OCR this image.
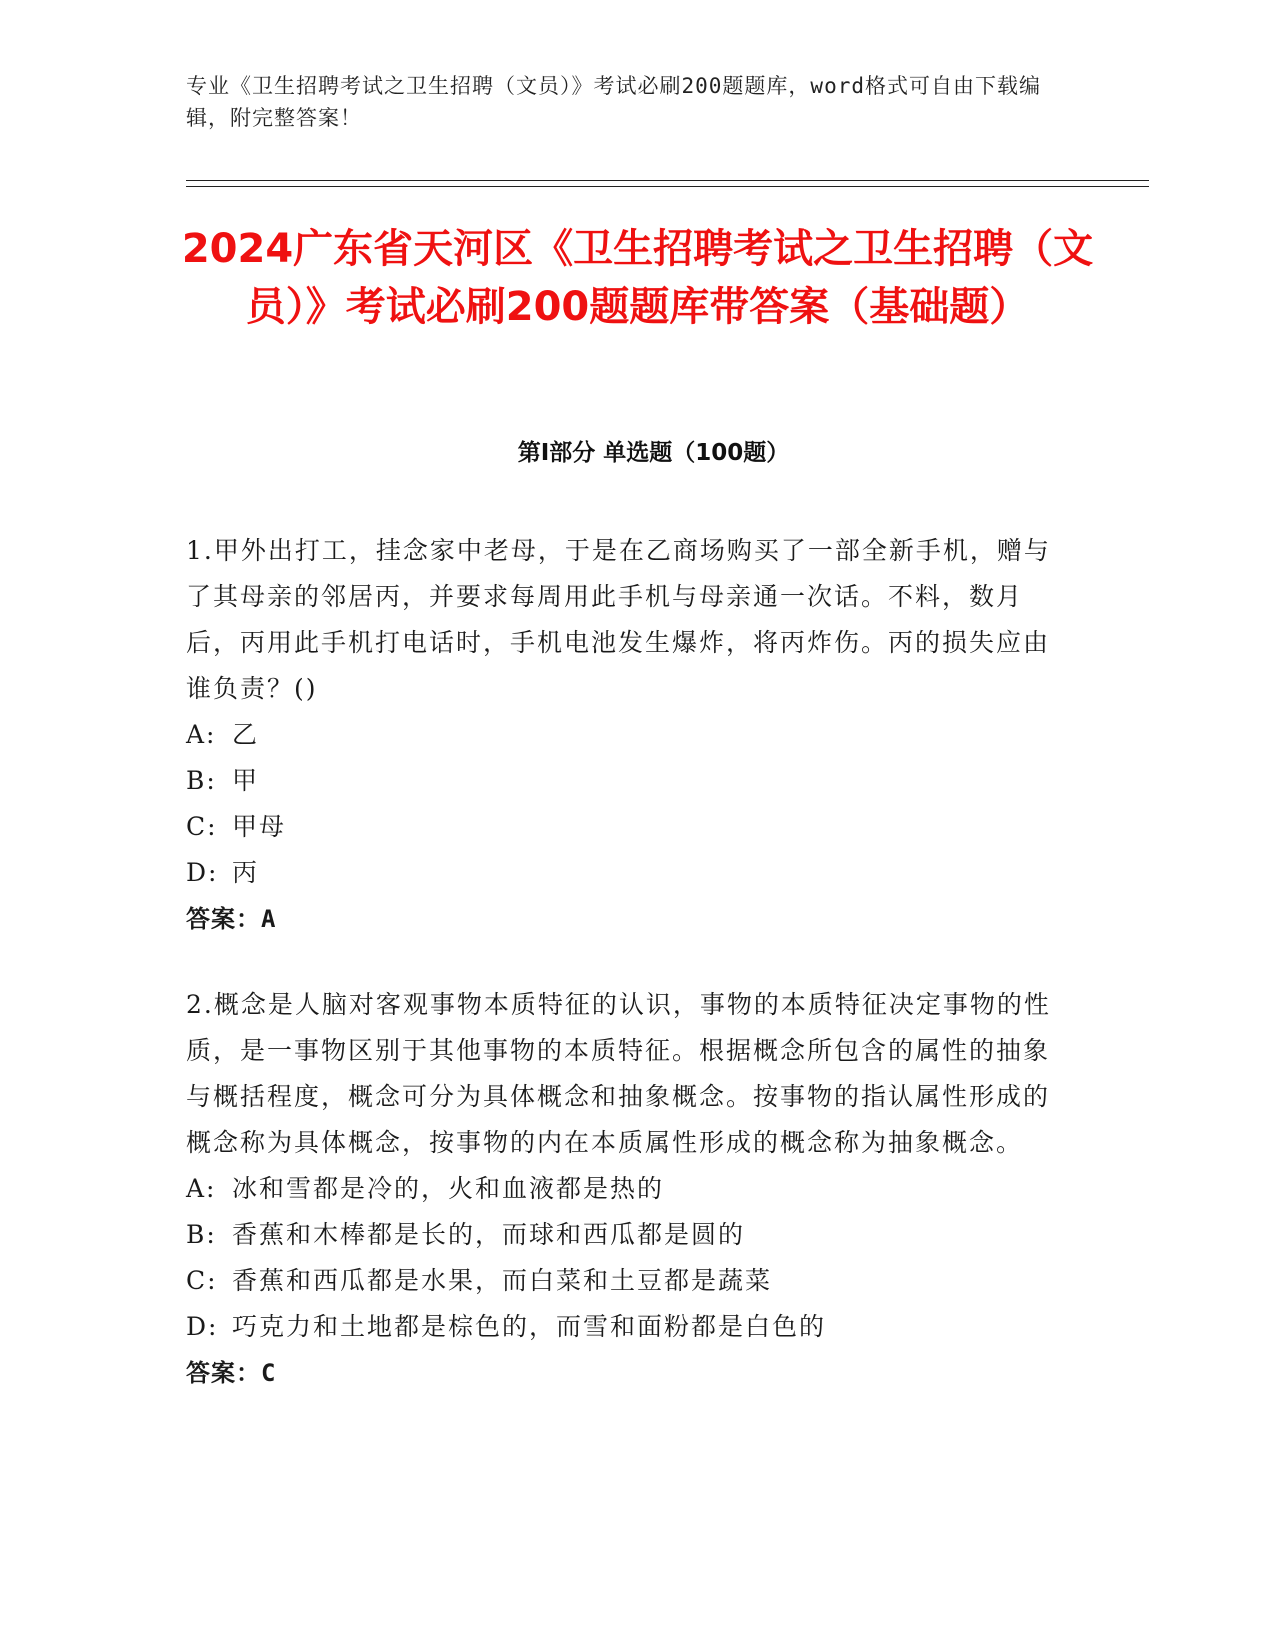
专业《卫生招聘考试之卫生招聘（文员）》考试必刷200题题库，word格式可自由下载编辑，附完整答案！
2024广东省天河区《卫生招聘考试之卫生招聘（文员）》考试必刷200题题库带答案（基础题）
第I部分 单选题（100题）

1.甲外出打工，挂念家中老母，于是在乙商场购买了一部全新手机，赠与了其母亲的邻居丙，并要求每周用此手机与母亲通一次话。不料，数月后，丙用此手机打电话时，手机电池发生爆炸，将丙炸伤。丙的损失应由谁负责？()

A: 乙
B: 甲
C: 甲母
D: 丙
答案：A

2.概念是人脑对客观事物本质特征的认识，事物的本质特征决定事物的性质，是一事物区别于其他事物的本质特征。根据概念所包含的属性的抽象与概括程度，概念可分为具体概念和抽象概念。按事物的指认属性形成的概念称为具体概念，按事物的内在本质属性形成的概念称为抽象概念。

A: 冰和雪都是冷的，火和血液都是热的
B: 香蕉和木棒都是长的，而球和西瓜都是圆的
C: 香蕉和西瓜都是水果，而白菜和土豆都是蔬菜
D: 巧克力和土地都是棕色的，而雪和面粉都是白色的
答案：C
